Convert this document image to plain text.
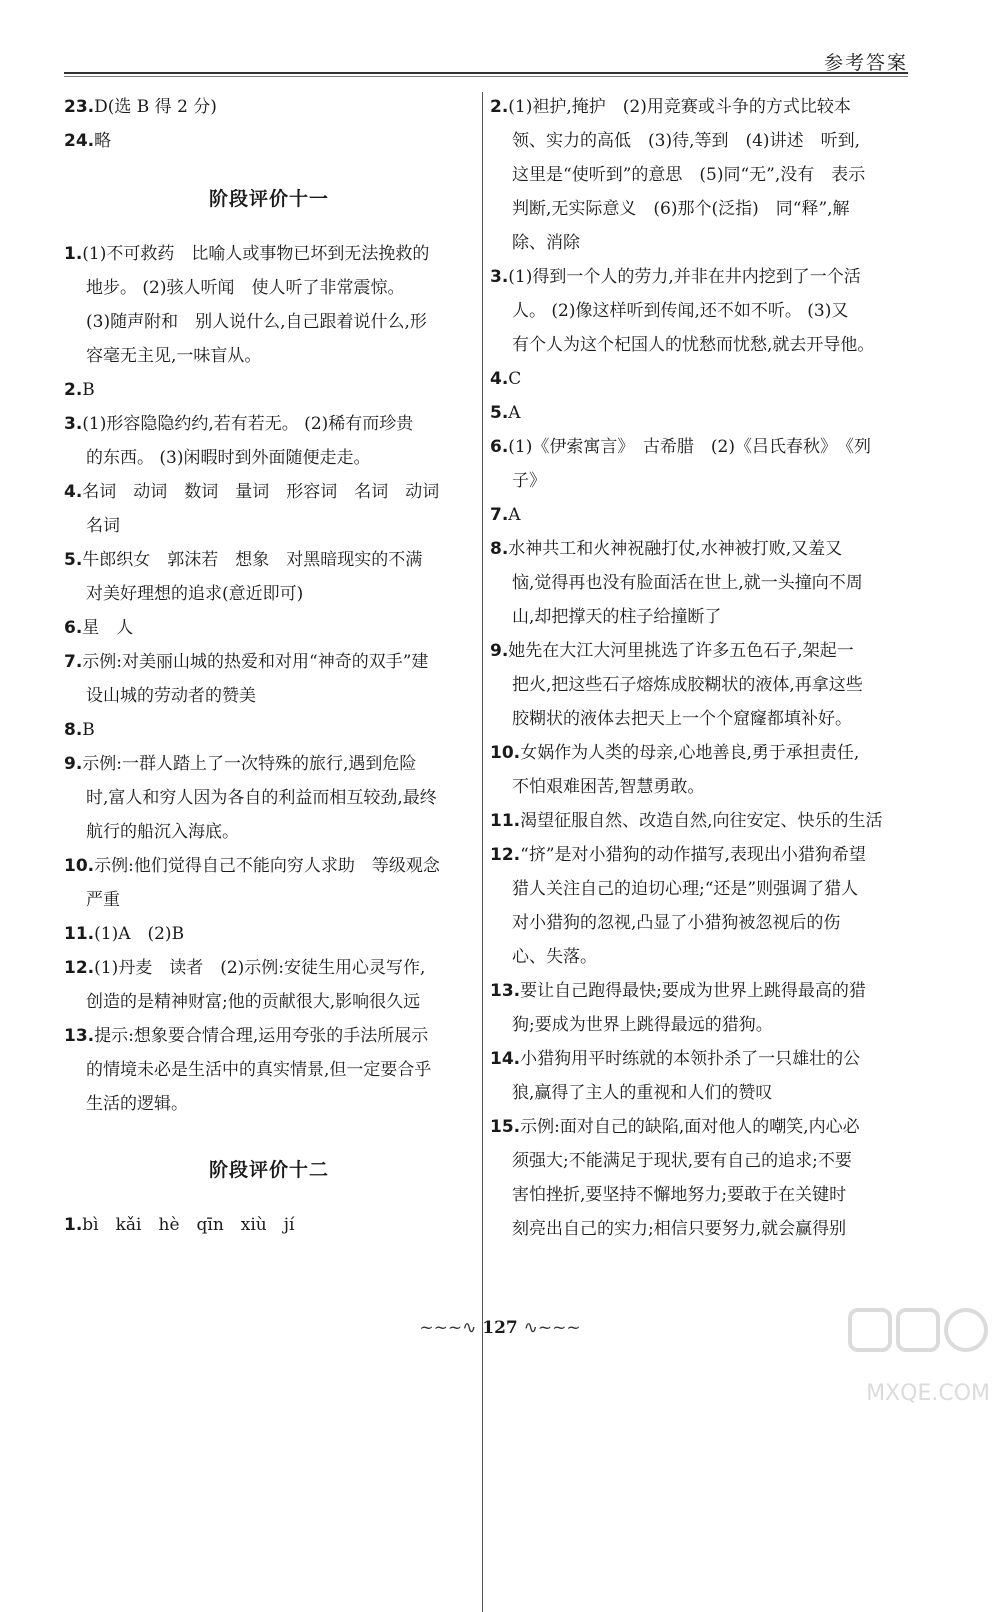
参考答案
23.D(选 B 得 2 分)
24.略
阶段评价十一
1.(1)不可救药　比喻人或事物已坏到无法挽救的
地步。 (2)骇人听闻　使人听了非常震惊。
(3)随声附和　别人说什么,自己跟着说什么,形
容毫无主见,一味盲从。
2.B
3.(1)形容隐隐约约,若有若无。 (2)稀有而珍贵
的东西。 (3)闲暇时到外面随便走走。
4.名词　动词　数词　量词　形容词　名词　动词
名词
5.牛郎织女　郭沫若　想象　对黑暗现实的不满
对美好理想的追求(意近即可)
6.星　人
7.示例:对美丽山城的热爱和对用“神奇的双手”建
设山城的劳动者的赞美
8.B
9.示例:一群人踏上了一次特殊的旅行,遇到危险
时,富人和穷人因为各自的利益而相互较劲,最终
航行的船沉入海底。
10.示例:他们觉得自己不能向穷人求助　等级观念
严重
11.(1)A　(2)B
12.(1)丹麦　读者　(2)示例:安徒生用心灵写作,
创造的是精神财富;他的贡献很大,影响很久远
13.提示:想象要合情合理,运用夸张的手法所展示
的情境未必是生活中的真实情景,但一定要合乎
生活的逻辑。
阶段评价十二
1.bì　kǎi　hè　qīn　xiù　jí
2.(1)袒护,掩护　(2)用竞赛或斗争的方式比较本
领、实力的高低　(3)待,等到　(4)讲述　听到,
这里是“使听到”的意思　(5)同“无”,没有　表示
判断,无实际意义　(6)那个(泛指)　同“释”,解
除、消除
3.(1)得到一个人的劳力,并非在井内挖到了一个活
人。 (2)像这样听到传闻,还不如不听。 (3)又
有个人为这个杞国人的忧愁而忧愁,就去开导他。
4.C
5.A
6.(1)《伊索寓言》　古希腊　(2)《吕氏春秋》　《列
子》
7.A
8.水神共工和火神祝融打仗,水神被打败,又羞又
恼,觉得再也没有脸面活在世上,就一头撞向不周
山,却把撑天的柱子给撞断了
9.她先在大江大河里挑选了许多五色石子,架起一
把火,把这些石子熔炼成胶糊状的液体,再拿这些
胶糊状的液体去把天上一个个窟窿都填补好。
10.女娲作为人类的母亲,心地善良,勇于承担责任,
不怕艰难困苦,智慧勇敢。
11.渴望征服自然、改造自然,向往安定、快乐的生活
12.“挤”是对小猎狗的动作描写,表现出小猎狗希望
猎人关注自己的迫切心理;“还是”则强调了猎人
对小猎狗的忽视,凸显了小猎狗被忽视后的伤
心、失落。
13.要让自己跑得最快;要成为世界上跳得最高的猎
狗;要成为世界上跳得最远的猎狗。
14.小猎狗用平时练就的本领扑杀了一只雄壮的公
狼,赢得了主人的重视和人们的赞叹
15.示例:面对自己的缺陷,面对他人的嘲笑,内心必
须强大;不能满足于现状,要有自己的追求;不要
害怕挫折,要坚持不懈地努力;要敢于在关键时
刻亮出自己的实力;相信只要努力,就会赢得别
~~~∿ 127 ∿~~~
MXQE.COM
